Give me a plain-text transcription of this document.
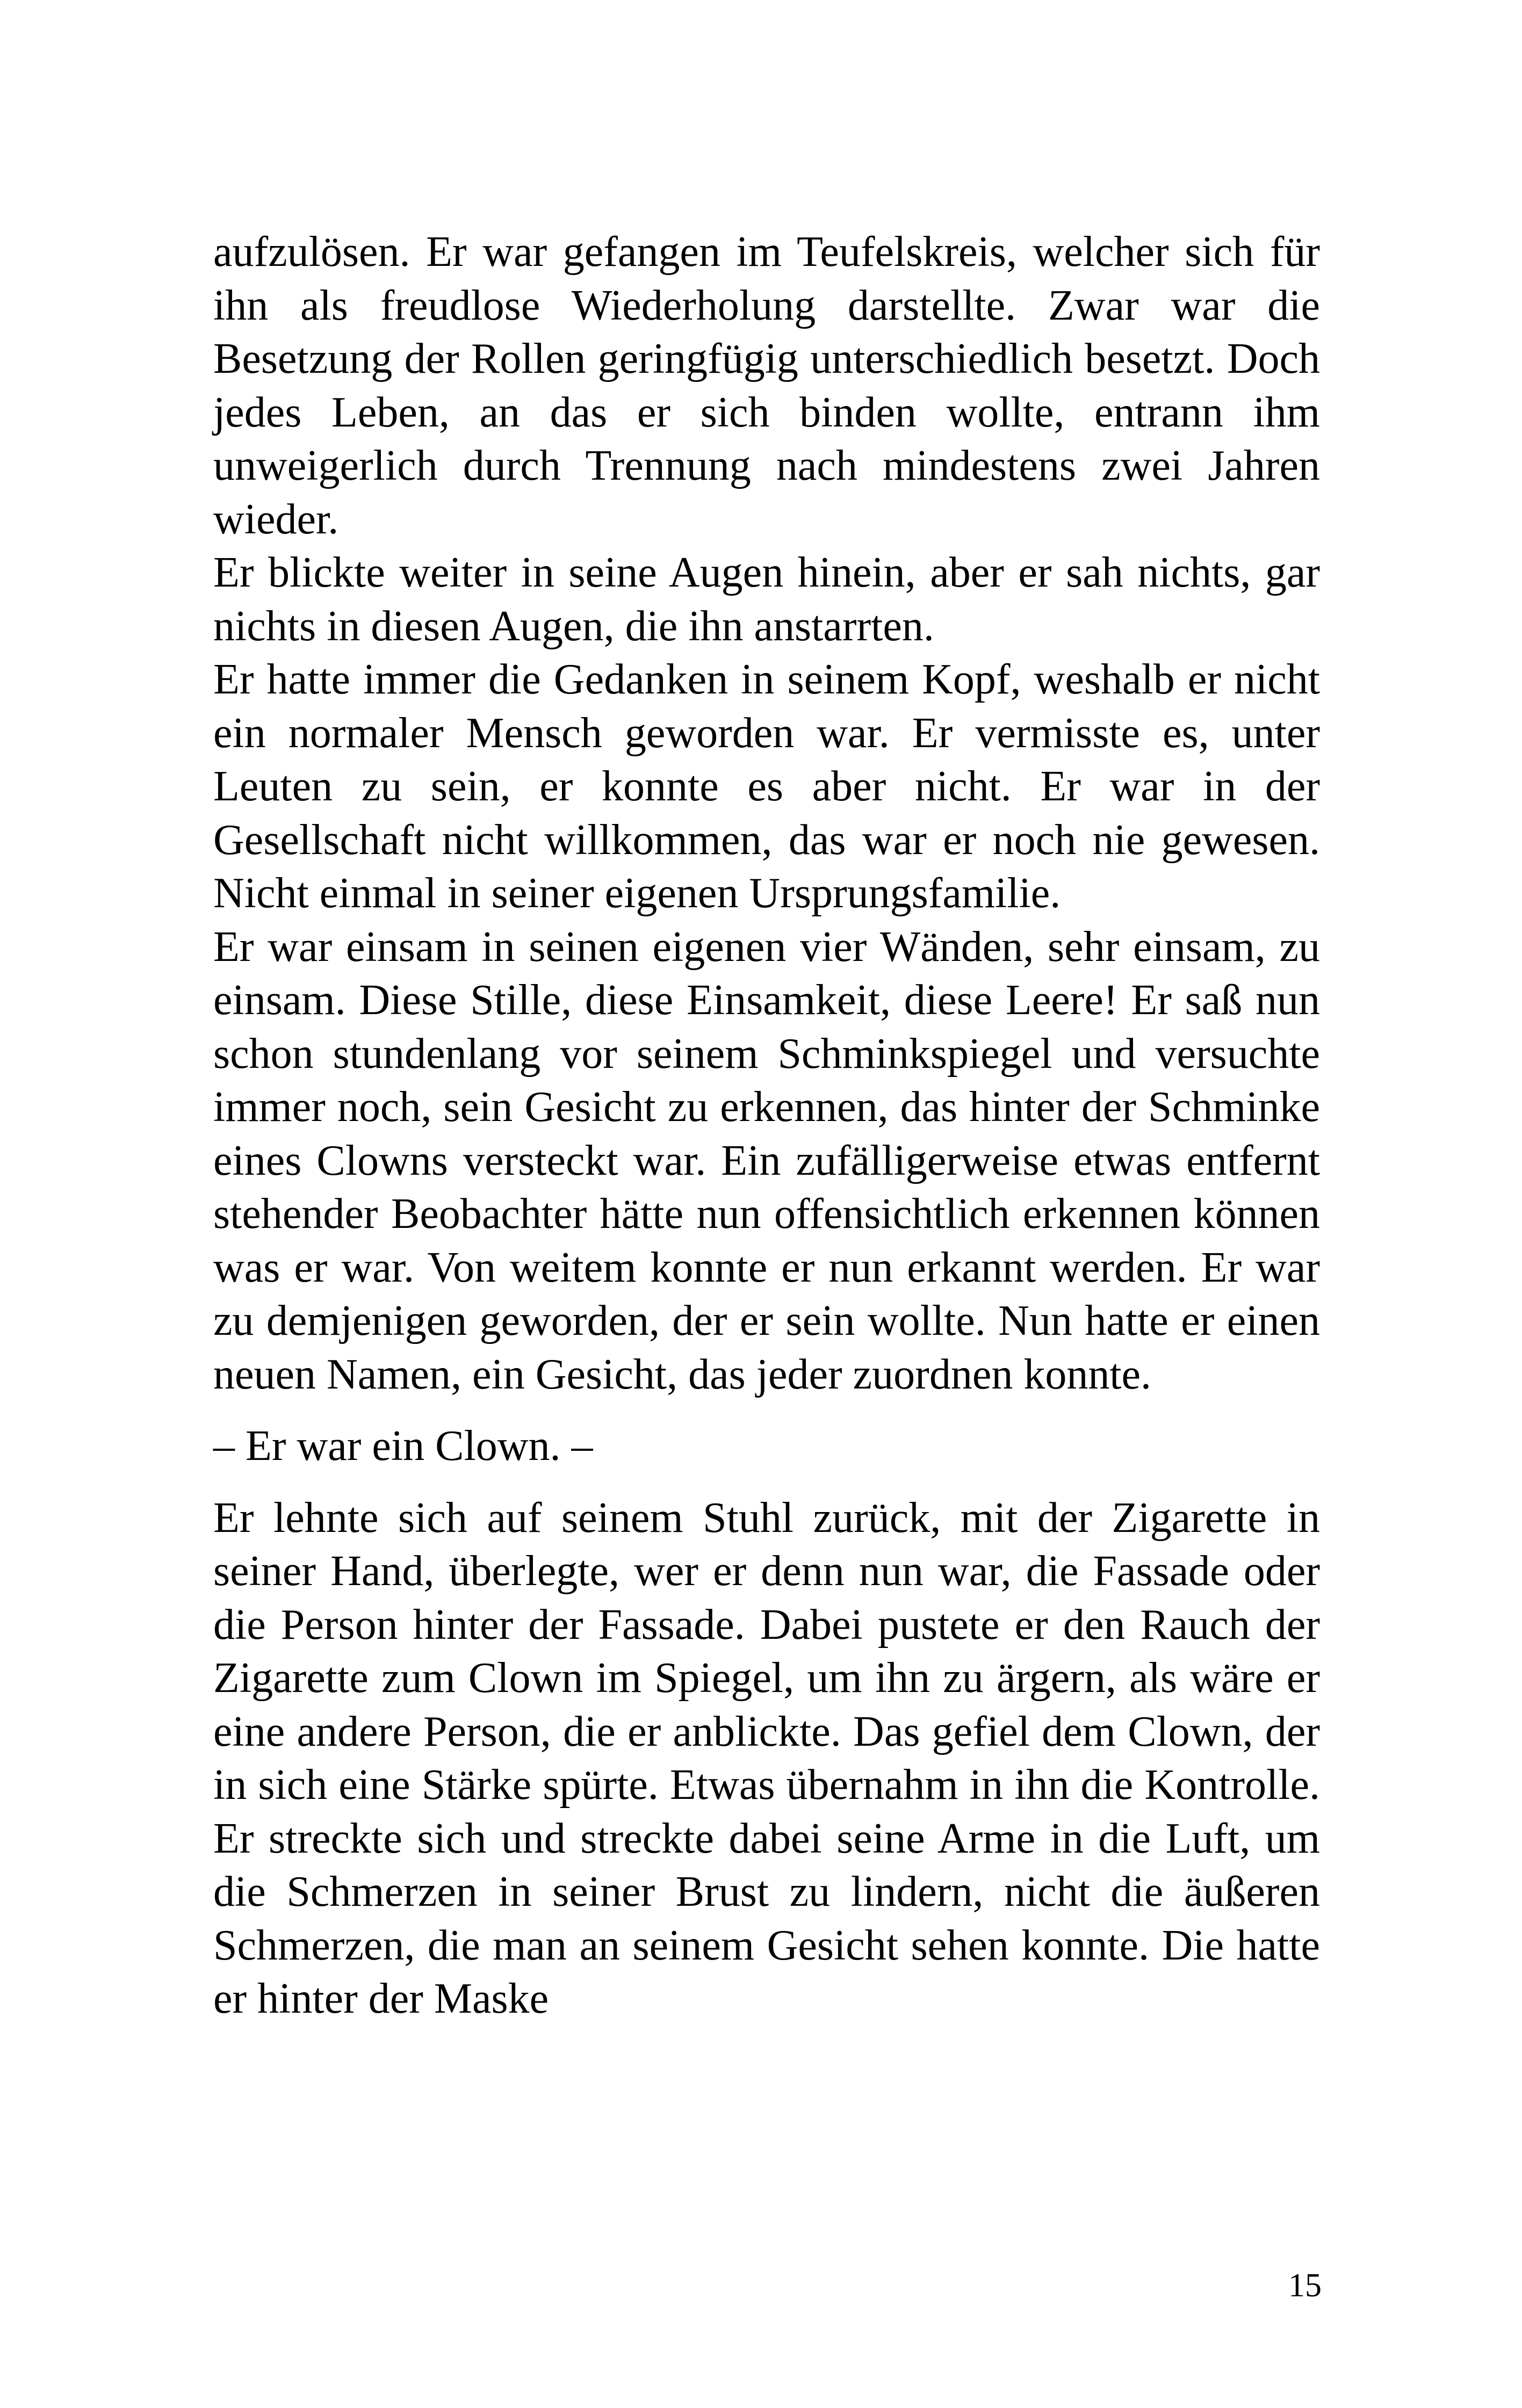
aufzulösen. Er war gefangen im Teufelskreis, welcher sich für ihn als freudlose Wiederholung darstellte. Zwar war die Besetzung der Rollen geringfügig unterschiedlich besetzt. Doch jedes Leben, an das er sich binden wollte, entrann ihm unweigerlich durch Trennung nach mindestens zwei Jahren wieder.

Er blickte weiter in seine Augen hinein, aber er sah nichts, gar nichts in diesen Augen, die ihn anstarrten.

Er hatte immer die Gedanken in seinem Kopf, weshalb er nicht ein normaler Mensch geworden war. Er vermisste es, unter Leuten zu sein, er konnte es aber nicht. Er war in der Gesellschaft nicht willkommen, das war er noch nie gewesen. Nicht einmal in seiner eigenen Ursprungsfamilie.

Er war einsam in seinen eigenen vier Wänden, sehr einsam, zu einsam. Diese Stille, diese Einsamkeit, diese Leere! Er saß nun schon stundenlang vor seinem Schminkspiegel und versuchte immer noch, sein Gesicht zu erkennen, das hinter der Schminke eines Clowns versteckt war. Ein zufälligerweise etwas entfernt stehender Beobachter hätte nun offensichtlich erkennen können was er war. Von weitem konnte er nun erkannt werden. Er war zu demjenigen geworden, der er sein wollte. Nun hatte er einen neuen Namen, ein Gesicht, das jeder zuordnen konnte.

– Er war ein Clown. –

Er lehnte sich auf seinem Stuhl zurück, mit der Zigarette in seiner Hand, überlegte, wer er denn nun war, die Fassade oder die Person hinter der Fassade. Dabei pustete er den Rauch der Zigarette zum Clown im Spiegel, um ihn zu ärgern, als wäre er eine andere Person, die er anblickte. Das gefiel dem Clown, der in sich eine Stärke spürte. Etwas übernahm in ihn die Kontrolle. Er streckte sich und streckte dabei seine Arme in die Luft, um die Schmerzen in seiner Brust zu lindern, nicht die äußeren Schmerzen, die man an seinem Gesicht sehen konnte. Die hatte er hinter der Maske

15
